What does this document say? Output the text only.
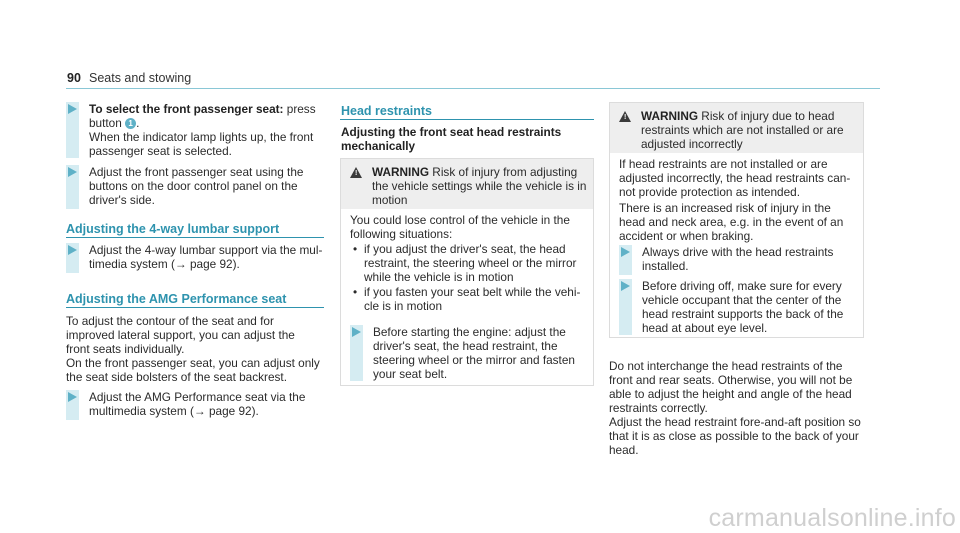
90 Seats and stowing
To select the front passenger seat: press
button 1 .
When the indicator lamp lights up, the front
passenger seat is selected.
Adjust the front passenger seat using the
buttons on the door control panel on the
driver's side.
Adjusting the 4-way lumbar support
Adjust the 4-way lumbar support via the mul-
timedia system (→ page 92).
Adjusting the AMG Performance seat
To adjust the contour of the seat and for
improved lateral support, you can adjust the
front seats individually.
On the front passenger seat, you can adjust only
the seat side bolsters of the seat backrest.
Adjust the AMG Performance seat via the
multimedia system (→ page 92).
Head restraints
Adjusting the front seat head restraints
mechanically
! WARNING Risk of injury from adjusting
the vehicle settings while the vehicle is in
motion
You could lose control of the vehicle in the
following situations:
• if you adjust the driver's seat, the head
restraint, the steering wheel or the mirror
while the vehicle is in motion
• if you fasten your seat belt while the vehi-
cle is in motion
Before starting the engine: adjust the
driver's seat, the head restraint, the
steering wheel or the mirror and fasten
your seat belt.
! WARNING Risk of injury due to head
restraints which are not installed or are
adjusted incorrectly
If head restraints are not installed or are
adjusted incorrectly, the head restraints can-
not provide protection as intended.
There is an increased risk of injury in the
head and neck area, e.g. in the event of an
accident or when braking.
Always drive with the head restraints
installed.
Before driving off, make sure for every
vehicle occupant that the center of the
head restraint supports the back of the
head at about eye level.
Do not interchange the head restraints of the
front and rear seats. Otherwise, you will not be
able to adjust the height and angle of the head
restraints correctly.
Adjust the head restraint fore-and-aft position so
that it is as close as possible to the back of your
head.
carmanualsonline.info
